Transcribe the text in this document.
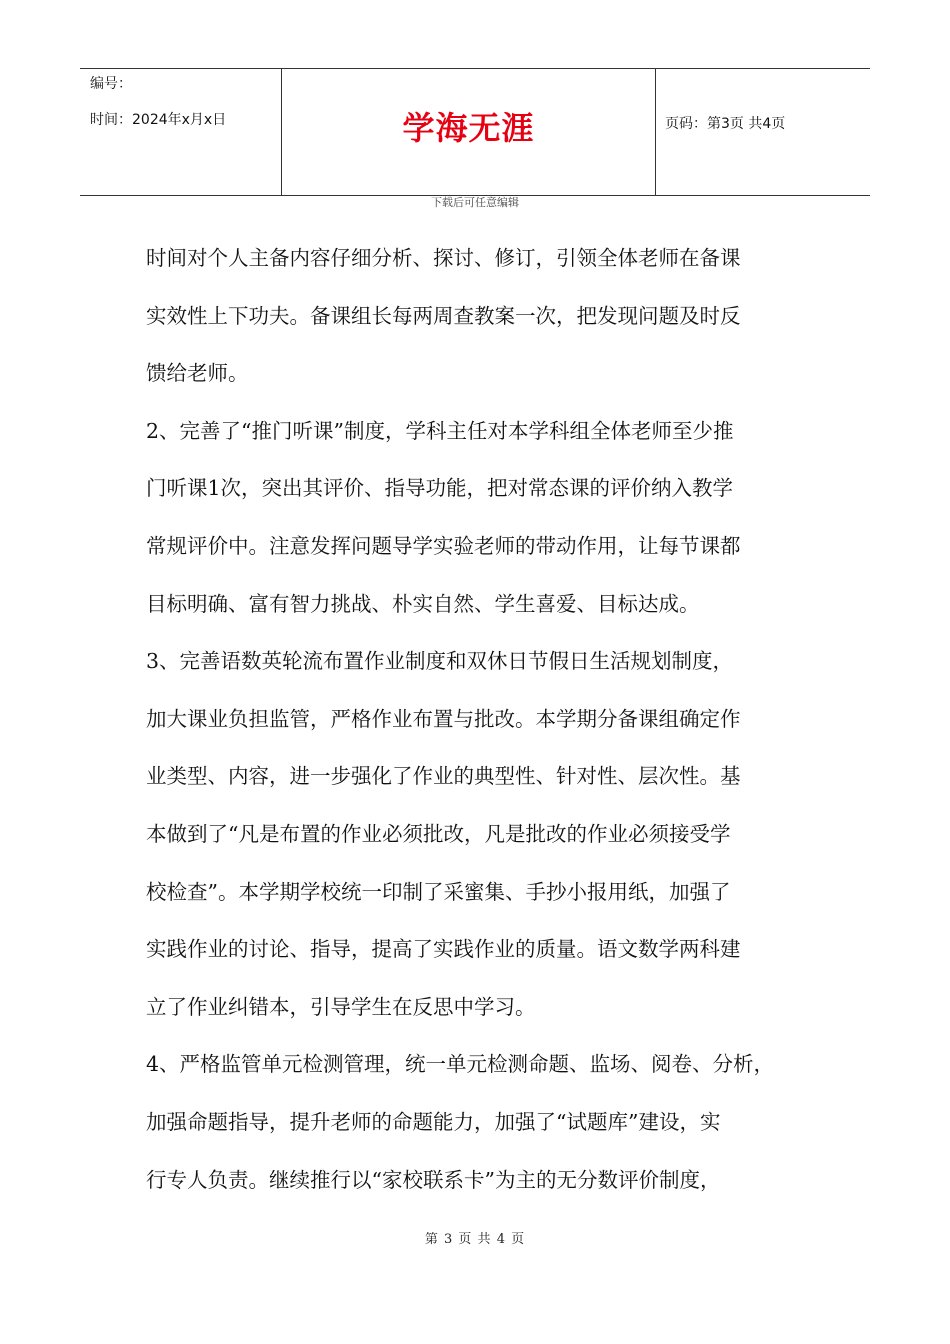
编号：
时间：2024年x月x日	学海无涯	页码：第3页 共4页
下载后可任意编辑
时间对个人主备内容仔细分析、探讨、修订，引领全体老师在备课
实效性上下功夫。备课组长每两周查教案一次，把发现问题及时反
馈给老师。
2、完善了“推门听课”制度，学科主任对本学科组全体老师至少推
门听课1次，突出其评价、指导功能，把对常态课的评价纳入教学
常规评价中。注意发挥问题导学实验老师的带动作用，让每节课都
目标明确、富有智力挑战、朴实自然、学生喜爱、目标达成。
3、完善语数英轮流布置作业制度和双休日节假日生活规划制度，
加大课业负担监管，严格作业布置与批改。本学期分备课组确定作
业类型、内容，进一步强化了作业的典型性、针对性、层次性。基
本做到了“凡是布置的作业必须批改，凡是批改的作业必须接受学
校检查”。本学期学校统一印制了采蜜集、手抄小报用纸，加强了
实践作业的讨论、指导，提高了实践作业的质量。语文数学两科建
立了作业纠错本，引导学生在反思中学习。
4、严格监管单元检测管理，统一单元检测命题、监场、阅卷、分析，
加强命题指导，提升老师的命题能力，加强了“试题库”建设，实
行专人负责。继续推行以“家校联系卡”为主的无分数评价制度，
第 3 页 共 4 页
